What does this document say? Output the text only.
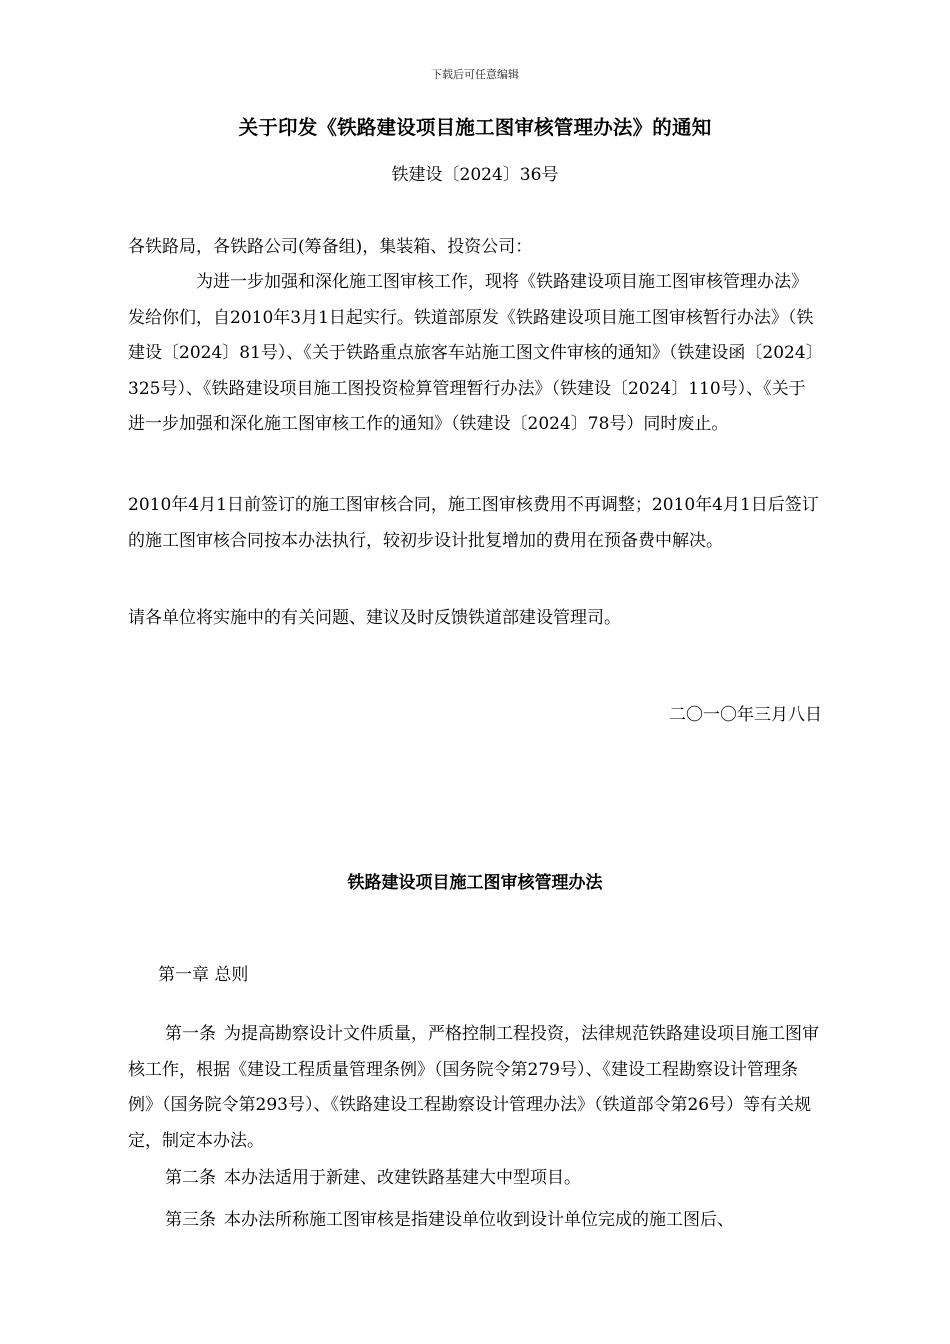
下载后可任意编辑
关于印发《铁路建设项目施工图审核管理办法》的通知
铁建设〔2024〕36号
各铁路局，各铁路公司(筹备组)，集装箱、投资公司：
为进一步加强和深化施工图审核工作，现将《铁路建设项目施工图审核管理办法》发给你们，自2010年3月1日起实行。铁道部原发《铁路建设项目施工图审核暂行办法》（铁建设〔2024〕81号）、《关于铁路重点旅客车站施工图文件审核的通知》（铁建设函〔2024〕325号）、《铁路建设项目施工图投资检算管理暂行办法》（铁建设〔2024〕110号）、《关于进一步加强和深化施工图审核工作的通知》（铁建设〔2024〕78号）同时废止。
2010年4月1日前签订的施工图审核合同，施工图审核费用不再调整；2010年4月1日后签订的施工图审核合同按本办法执行，较初步设计批复增加的费用在预备费中解决。
请各单位将实施中的有关问题、建议及时反馈铁道部建设管理司。
二〇一〇年三月八日
铁路建设项目施工图审核管理办法
第一章 总则
第一条 为提高勘察设计文件质量，严格控制工程投资，法律规范铁路建设项目施工图审核工作，根据《建设工程质量管理条例》（国务院令第279号）、《建设工程勘察设计管理条例》（国务院令第293号）、《铁路建设工程勘察设计管理办法》（铁道部令第26号）等有关规定，制定本办法。
第二条 本办法适用于新建、改建铁路基建大中型项目。
第三条 本办法所称施工图审核是指建设单位收到设计单位完成的施工图后、
